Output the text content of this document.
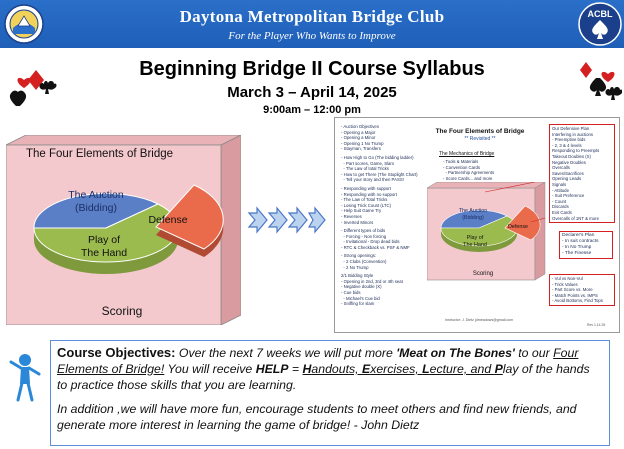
Daytona Metropolitan Bridge Club
For the Player Who Wants to Improve
ACBL
Beginning Bridge II Course Syllabus
March 3 – April 14, 2025
9:00am – 12:00 pm
The Four Elements of Bridge
The Auction
(Bidding)
Defense
Play of
The Hand
Scoring
- Auction Objectives
- Opening a Major
- Opening a Minor
- Opening 1 No Trump
- Stayman, Transfers
- How High to Go (The bidding ladder)
- Part scores, Game, Slam
- The Law of total Tricks
- How to get There (The Stoplight Chart)
- Tell your story and then PASS!
- Responding with support
- Responding with no support
- The Law of Total Tricks
- Losing Trick Count (LTC)
- Help Suit Game Try
- Reverses
- Inverted Minors
- Different types of bids
- Forcing - Non forcing
- Invitational - Drop dead bids
- RTC & Checkback vs. PSF & NMF
- Strong openings:
- 2 Clubs (Convention)
- 2 No Trump
2/1 Bidding Style
- Opening in 2nd, 3rd or 4th seat
- Negative double (X)
- Cue bids
- Michael's Cue bid
- Sniffing for slam
The Four Elements of Bridge
** Revisited **
The Mechanics of Bridge
- Tools & Materials
- Convention Cards
- Partnership Agreements
- Score Cards... and more
The Auction
(Bidding)
Defense
Play of
The Hand
Scoring
Our Defensive Plan
Interfering in auctions
- Preemptive bids
- 2, 3 & 4 levels
Responding to Preempts
Takeout Doubles (X)
Negative Doubles
Overcalls
Saves/Sacrifices
Opening Leads
Signals
- Attitude
- Suit Preference
- Count
Discards
Exit Cards
Overcalls of 1NT & more
Declarer's Plan
- In suit contracts
- In No Trump
- The Finesse
- Vul vs Non-Vul
- Trick Values
- Part Score vs. More
- Match Points vs. IMPS
- Avoid Bottoms, Find Tops
Instructor: J. Dietz jdmeadows@gmail.com
Rev 1.14.25
Course Objectives: Over the next 7 weeks we will put more 'Meat on The Bones' to our Four Elements of Bridge! You will receive HELP = Handouts, Exercises, Lecture, and Play of the hands to practice those skills that you are learning.
In addition ,we will have more fun, encourage students to meet others and find new friends, and generate more interest in learning the game of bridge! - John Dietz
